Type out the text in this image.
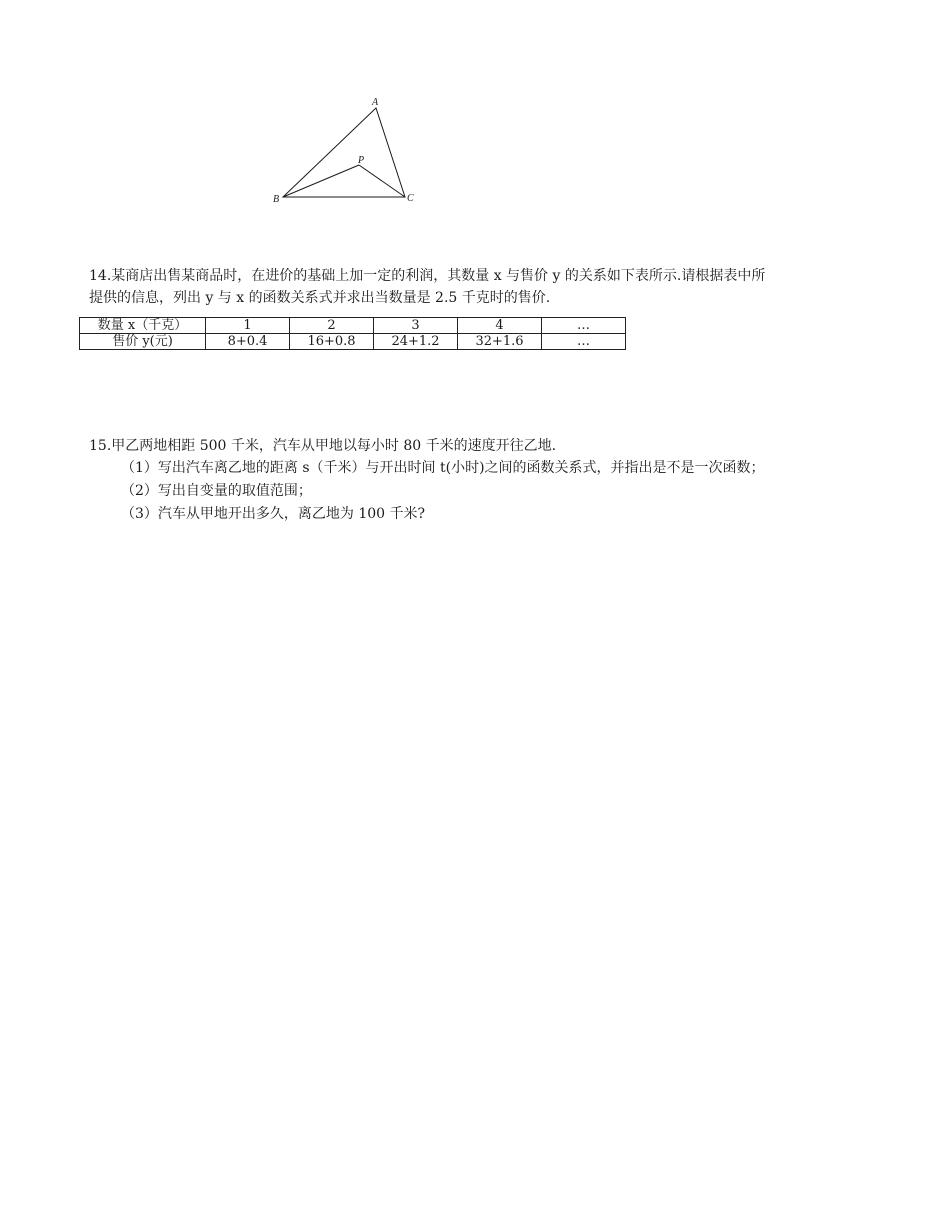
A
B	C
P
14.某商店出售某商品时，在进价的基础上加一定的利润，其数量 x 与售价 y 的关系如下表所示.请根据表中所
提供的信息，列出 y 与 x 的函数关系式并求出当数量是 2.5 千克时的售价.
数量 x（千克）	1	2	3	4	…
售价 y(元)	8+0.4	16+0.8	24+1.2	32+1.6	…
15.甲乙两地相距 500 千米，汽车从甲地以每小时 80 千米的速度开往乙地.
（1）写出汽车离乙地的距离 s（千米）与开出时间 t(小时)之间的函数关系式，并指出是不是一次函数；
（2）写出自变量的取值范围；
（3）汽车从甲地开出多久，离乙地为 100 千米?
